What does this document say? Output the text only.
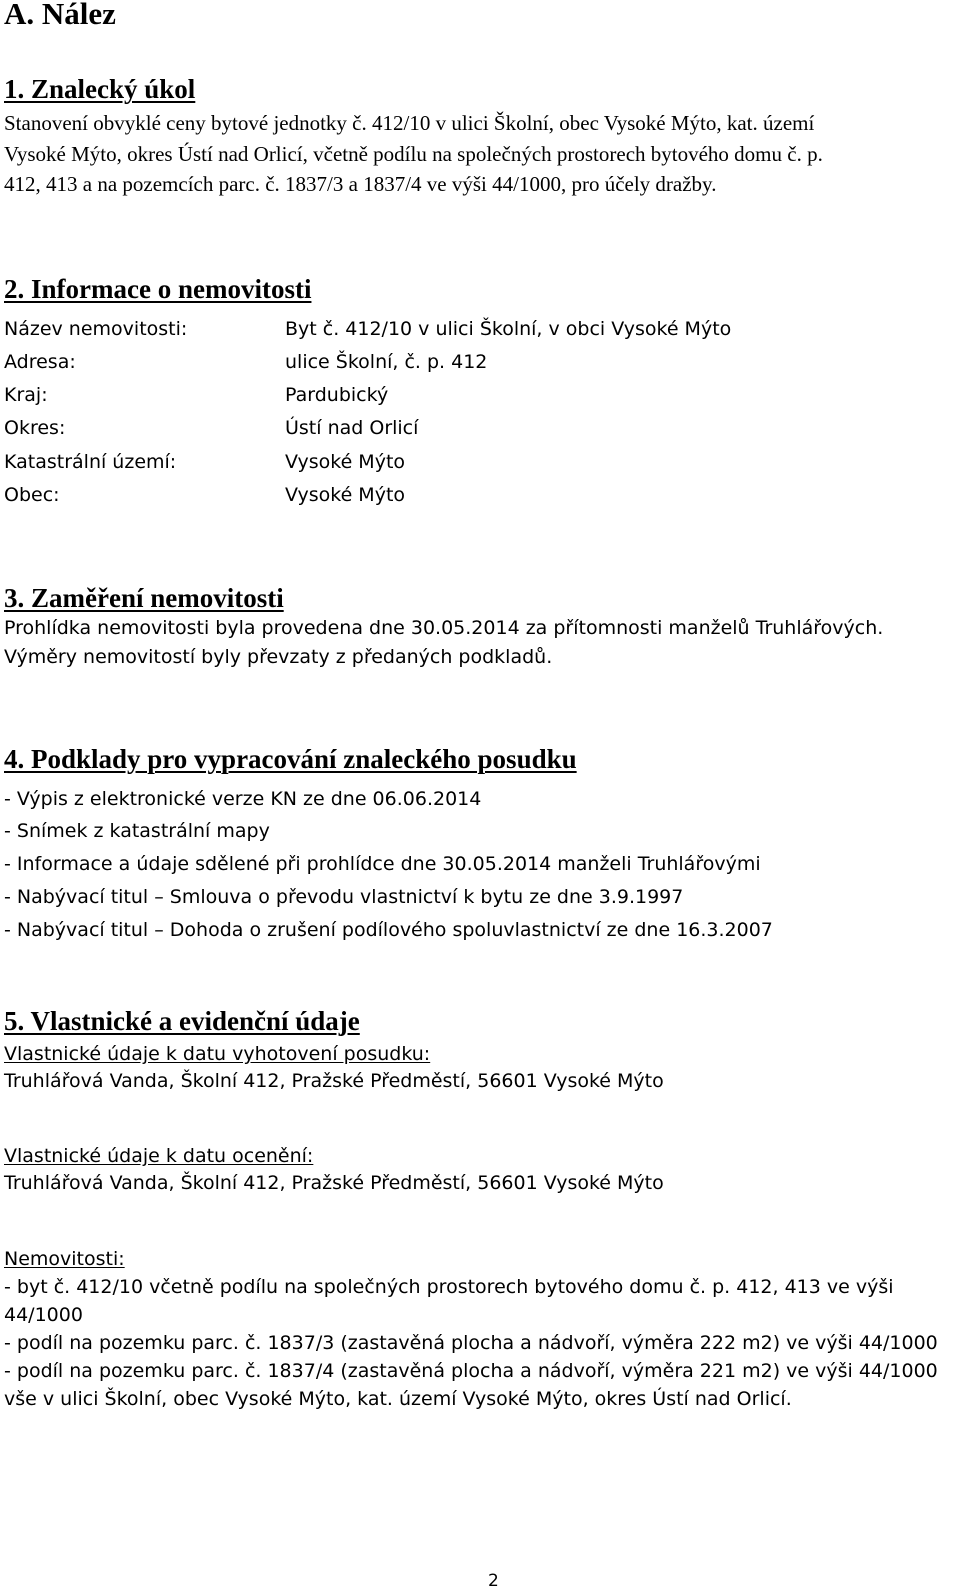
A. Nález
1. Znalecký úkol
Stanovení obvyklé ceny bytové jednotky č. 412/10 v ulici Školní, obec Vysoké Mýto, kat. území
Vysoké Mýto, okres Ústí nad Orlicí, včetně podílu na společných prostorech bytového domu č. p.
412, 413 a na pozemcích parc. č. 1837/3 a 1837/4 ve výši 44/1000, pro účely dražby.
2. Informace o nemovitosti
Název nemovitosti:	Byt č. 412/10 v ulici Školní, v obci Vysoké Mýto
Adresa:	ulice Školní, č. p. 412
Kraj:	Pardubický
Okres:	Ústí nad Orlicí
Katastrální území:	Vysoké Mýto
Obec:	Vysoké Mýto
3. Zaměření nemovitosti
Prohlídka nemovitosti byla provedena dne 30.05.2014 za přítomnosti manželů Truhlářových.
Výměry nemovitostí byly převzaty z předaných podkladů.
4. Podklady pro vypracování znaleckého posudku
- Výpis z elektronické verze KN ze dne 06.06.2014
- Snímek z katastrální mapy
- Informace a údaje sdělené při prohlídce dne 30.05.2014 manželi Truhlářovými
- Nabývací titul – Smlouva o převodu vlastnictví k bytu ze dne 3.9.1997
- Nabývací titul – Dohoda o zrušení podílového spoluvlastnictví ze dne 16.3.2007
5. Vlastnické a evidenční údaje
Vlastnické údaje k datu vyhotovení posudku:
Truhlářová Vanda, Školní 412, Pražské Předměstí, 56601 Vysoké Mýto
Vlastnické údaje k datu ocenění:
Truhlářová Vanda, Školní 412, Pražské Předměstí, 56601 Vysoké Mýto
Nemovitosti:
- byt č. 412/10 včetně podílu na společných prostorech bytového domu č. p. 412, 413 ve výši
44/1000
- podíl na pozemku parc. č. 1837/3 (zastavěná plocha a nádvoří, výměra 222 m2) ve výši 44/1000
- podíl na pozemku parc. č. 1837/4 (zastavěná plocha a nádvoří, výměra 221 m2) ve výši 44/1000
vše v ulici Školní, obec Vysoké Mýto, kat. území Vysoké Mýto, okres Ústí nad Orlicí.
2
